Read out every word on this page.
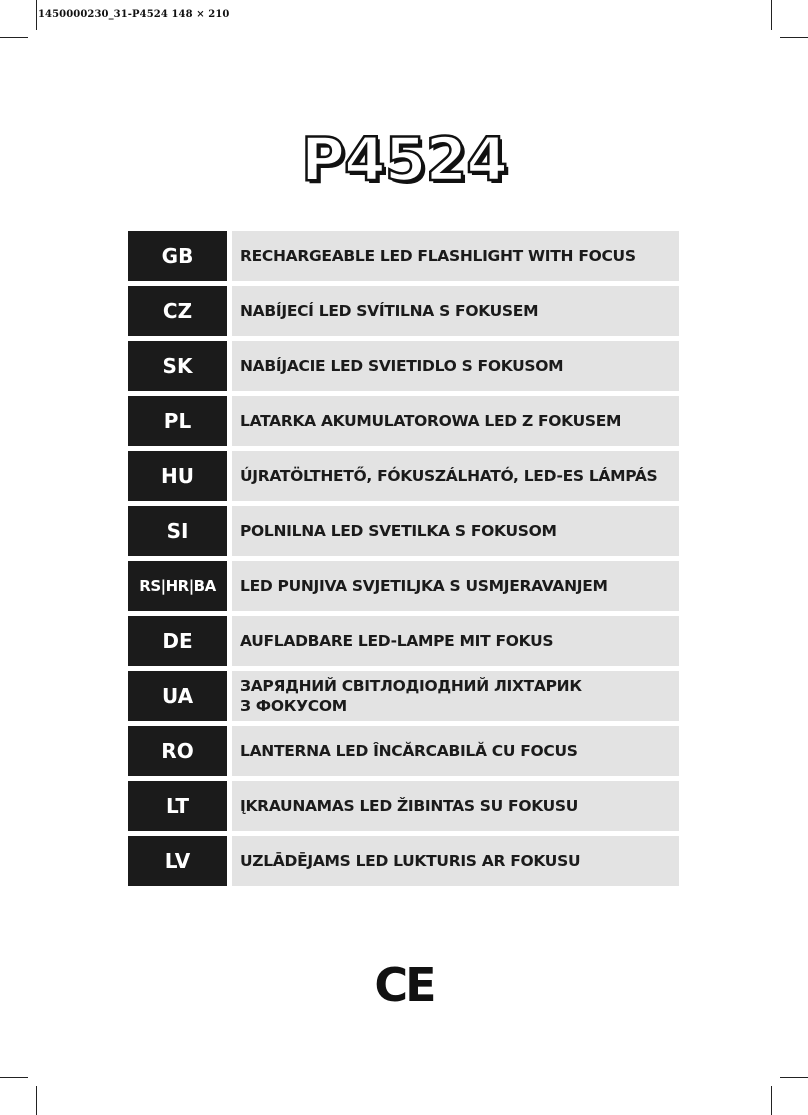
1450000230_31-P4524 148 × 210
P4524
GB	RECHARGEABLE LED FLASHLIGHT WITH FOCUS
CZ	NABÍJECÍ LED SVÍTILNA S FOKUSEM
SK	NABÍJACIE LED SVIETIDLO S FOKUSOM
PL	LATARKA AKUMULATOROWA LED Z FOKUSEM
HU	ÚJRATÖLTHETŐ, FÓKUSZÁLHATÓ, LED-ES LÁMPÁS
SI	POLNILNA LED SVETILKA S FOKUSOM
RS|HR|BA	LED PUNJIVA SVJETILJKA S USMJERAVANJEM
DE	AUFLADBARE LED-LAMPE MIT FOKUS
UA	ЗАРЯДНИЙ СВІТЛОДІОДНИЙ ЛІХТАРИК
З ФОКУСОМ
RO	LANTERNA LED ÎNCĂRCABILĂ CU FOCUS
LT	ĮKRAUNAMAS LED ŽIBINTAS SU FOKUSU
LV	UZLĀDĒJAMS LED LUKTURIS AR FOKUSU
CE
